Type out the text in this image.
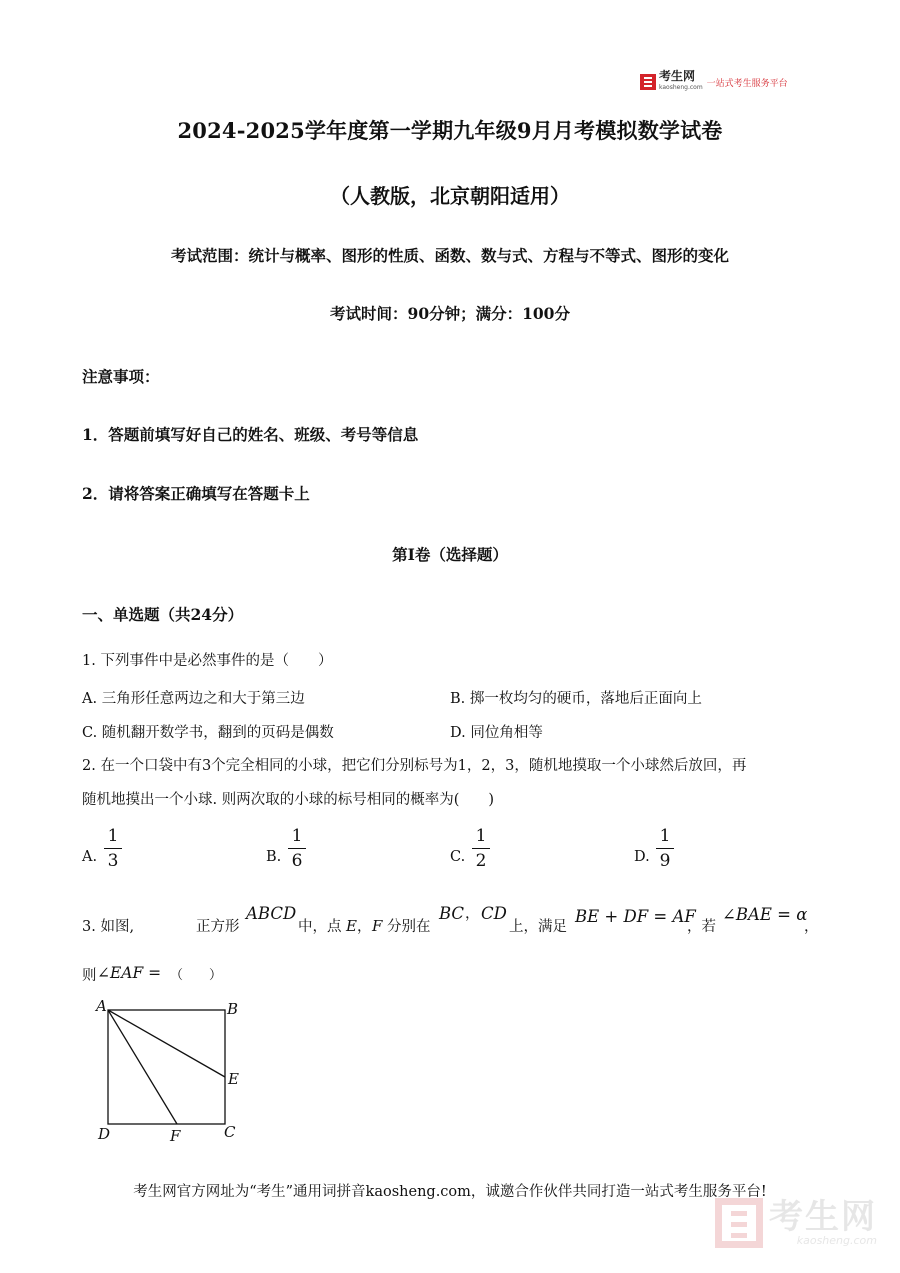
考生网
kaosheng.com 一站式考生服务平台
2024-2025学年度第一学期九年级9月月考模拟数学试卷
（人教版，北京朝阳适用）
考试范围：统计与概率、图形的性质、函数、数与式、方程与不等式、图形的变化
考试时间：90分钟；满分：100分
注意事项：
1．答题前填写好自己的姓名、班级、考号等信息
2．请将答案正确填写在答题卡上
第I卷（选择题）
一、单选题（共24分）
1. 下列事件中是必然事件的是（　　）
A. 三角形任意两边之和大于第三边	B. 掷一枚均匀的硬币，落地后正面向上
C. 随机翻开数学书，翻到的页码是偶数	D. 同位角相等
2. 在一个口袋中有3个完全相同的小球，把它们分别标号为1，2，3，随机地摸取一个小球然后放回，再
随机地摸出一个小球. 则两次取的小球的标号相同的概率为(　　)
A.
1
3	B.
1
6	C.
1
2	D.
1
9
3. 如图,	正方形
ABCD
中，点 E ， F 分别在
BC ， CD
上，满足
BE + DF = AF
，若
∠BAE = α
，
则 ∠EAF = （　　）
A	B
E
D	F	C
考生网官方网址为“考生”通用词拼音kaosheng.com，诚邀合作伙伴共同打造一站式考生服务平台!
考生网
kaosheng.com
